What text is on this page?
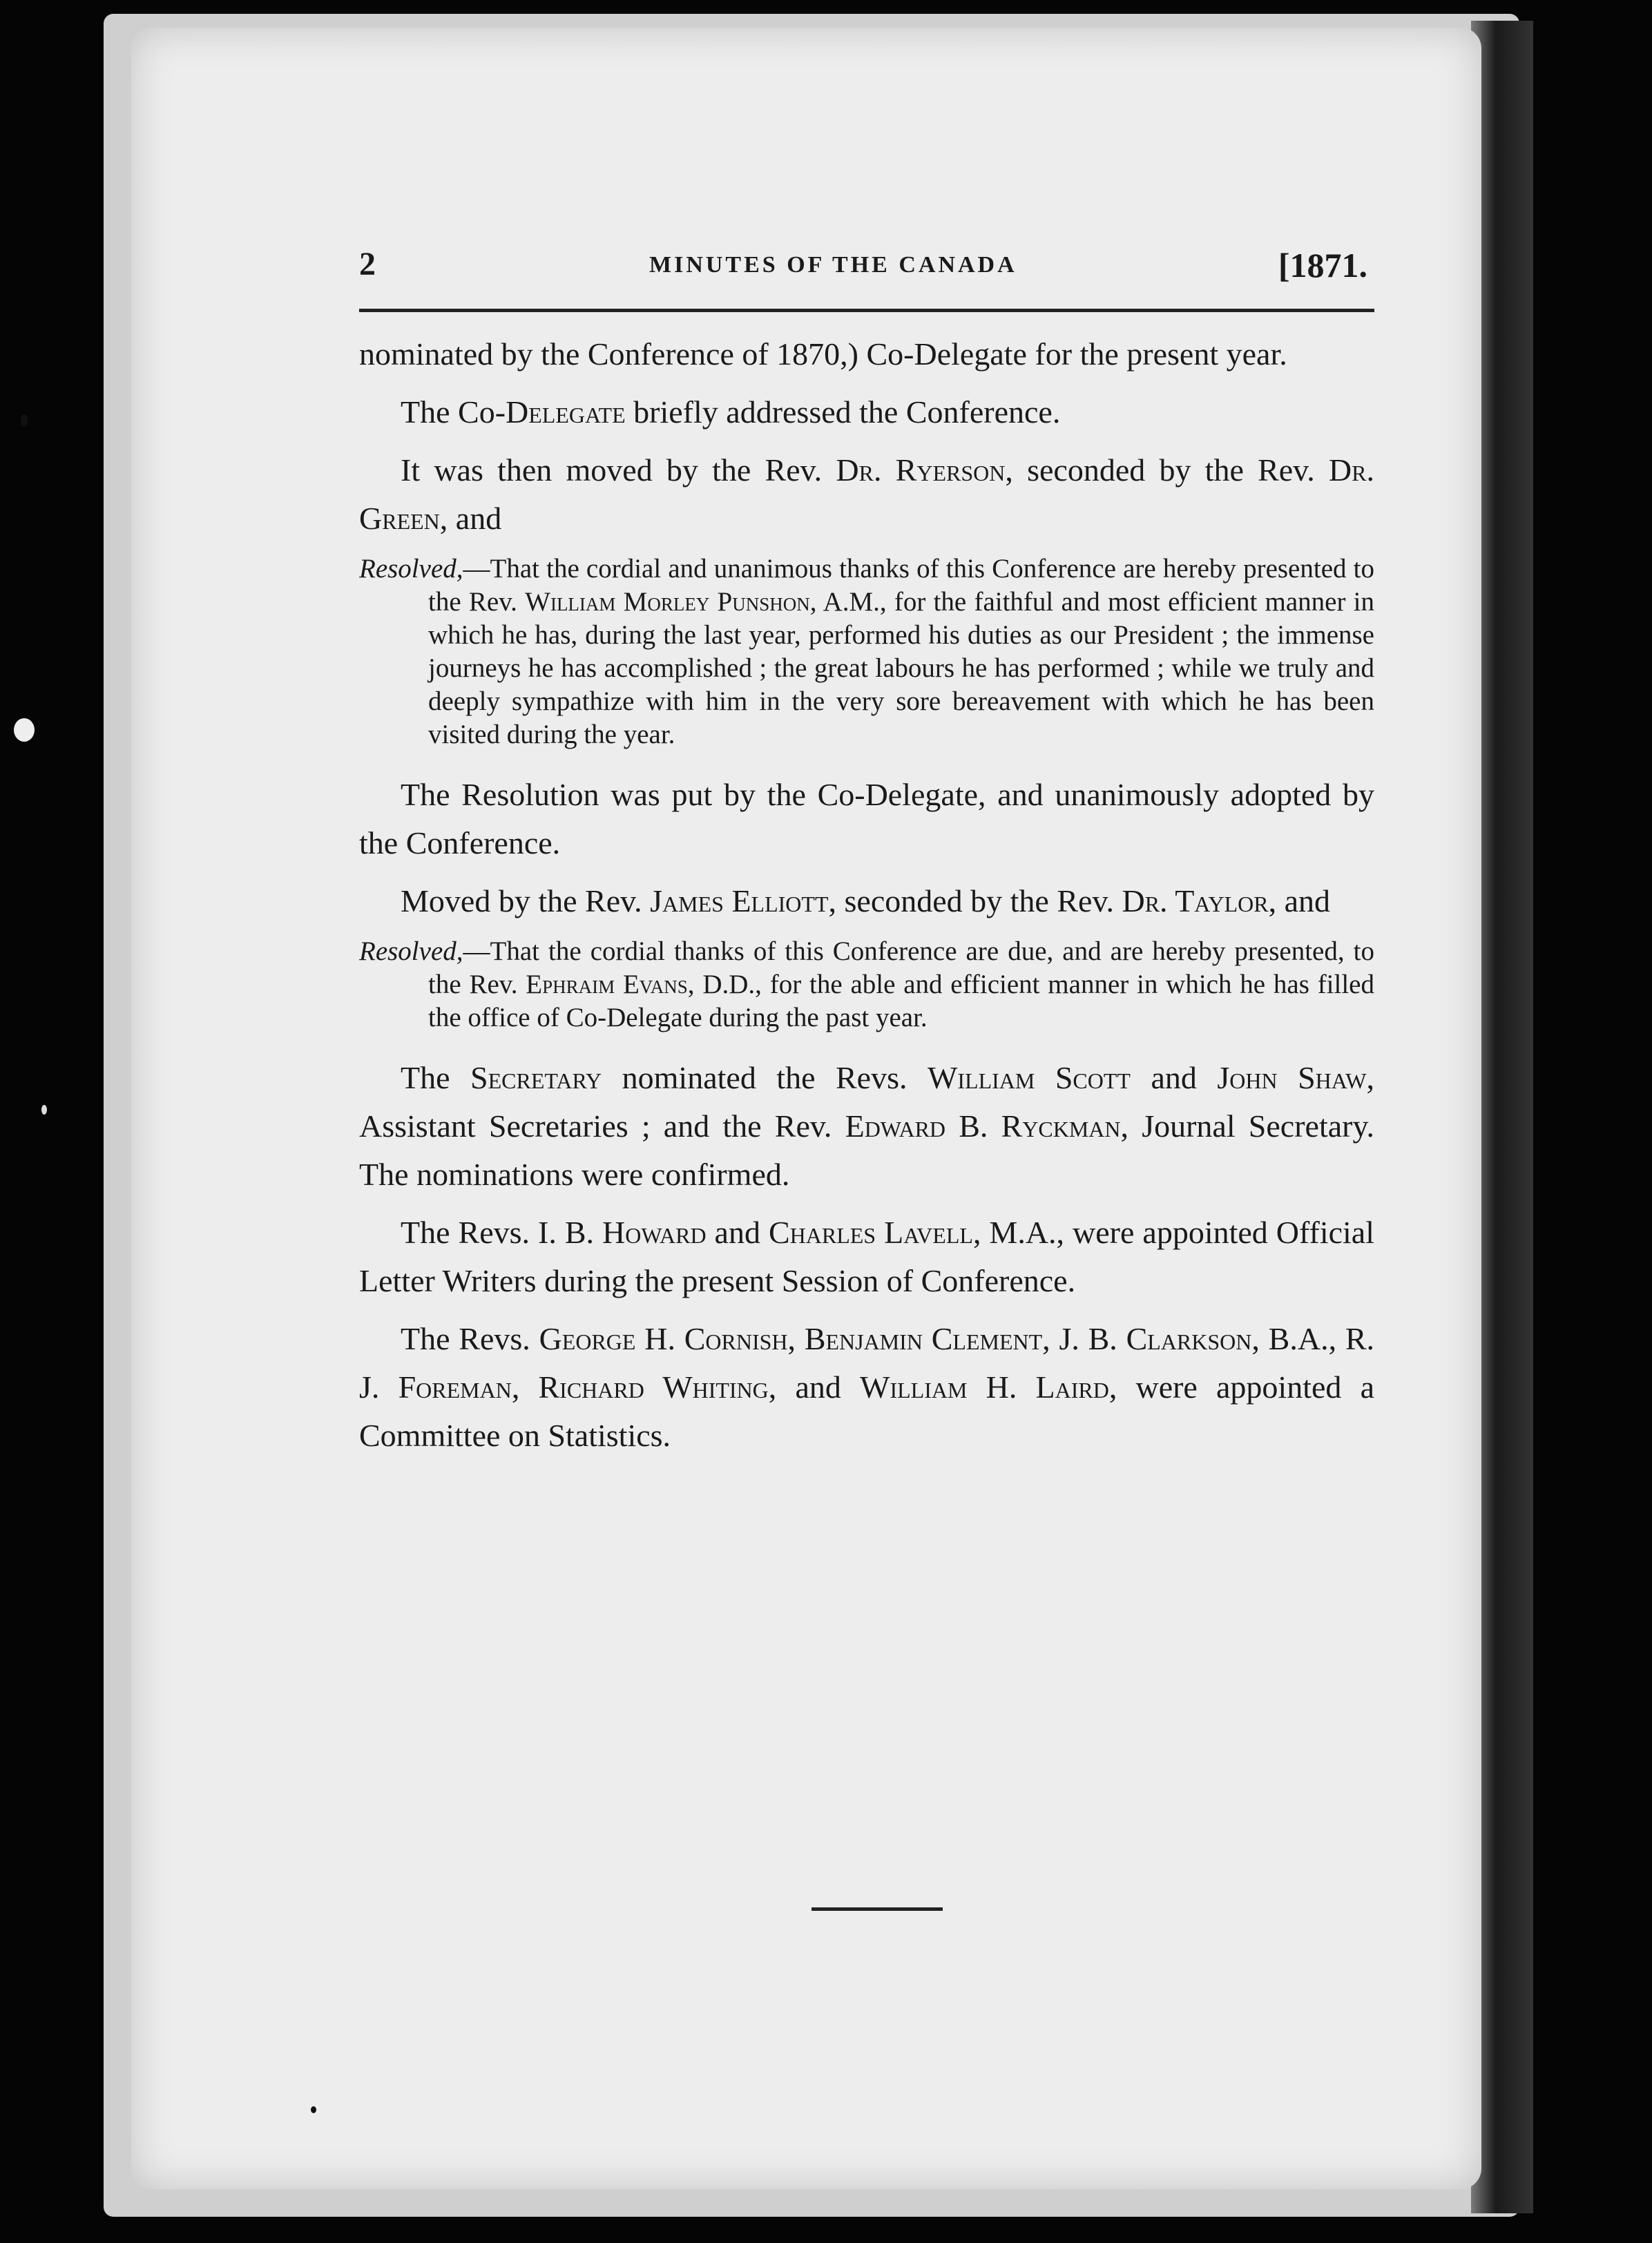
2	MINUTES OF THE CANADA	[1871.

nominated by the Conference of 1870,) Co-Delegate for the present year.

The Co-Delegate briefly addressed the Conference.

It was then moved by the Rev. Dr. Ryerson, seconded by the Rev. Dr. Green, and

Resolved,—That the cordial and unanimous thanks of this Conference are hereby presented to the Rev. William Morley Punshon, A.M., for the faithful and most efficient manner in which he has, during the last year, performed his duties as our President ; the immense journeys he has accomplished ; the great labours he has performed ; while we truly and deeply sympathize with him in the very sore bereavement with which he has been visited during the year.

The Resolution was put by the Co-Delegate, and unanimously adopted by the Conference.

Moved by the Rev. James Elliott, seconded by the Rev. Dr. Taylor, and

Resolved,—That the cordial thanks of this Conference are due, and are hereby presented, to the Rev. Ephraim Evans, D.D., for the able and efficient manner in which he has filled the office of Co-Delegate during the past year.

The Secretary nominated the Revs. William Scott and John Shaw, Assistant Secretaries ; and the Rev. Edward B. Ryckman, Journal Secretary. The nominations were confirmed.

The Revs. I. B. Howard and Charles Lavell, M.A., were appointed Official Letter Writers during the present Session of Conference.

The Revs. George H. Cornish, Benjamin Clement, J. B. Clarkson, B.A., R. J. Foreman, Richard Whiting, and William H. Laird, were appointed a Committee on Statistics.
